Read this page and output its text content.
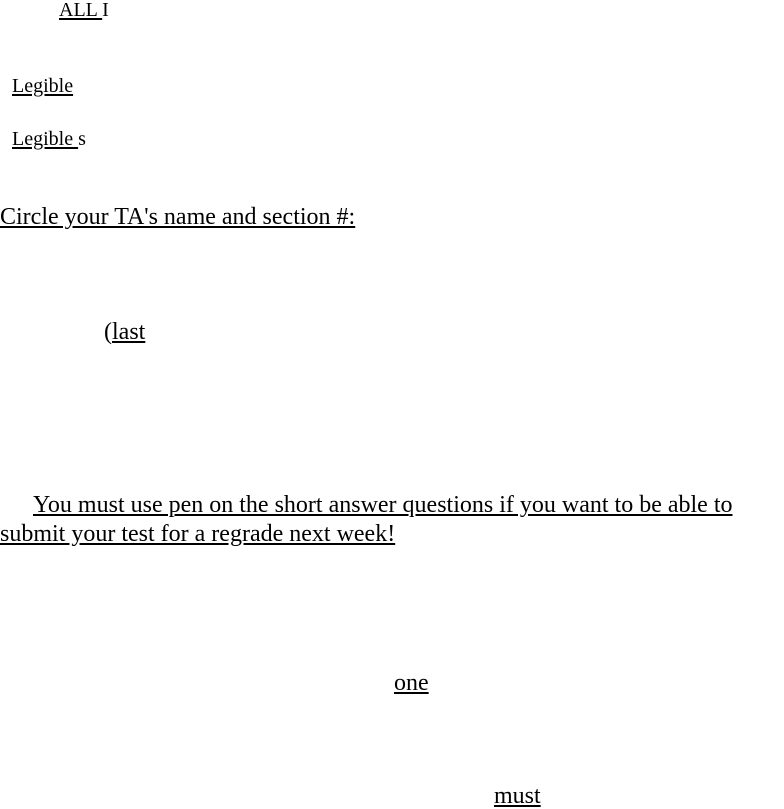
ALL I
Legible
Legible s
Circle your TA's name and section #:
(last
You must use pen on the short answer questions if you want to be able to
submit your test for a regrade next week!
one
must
